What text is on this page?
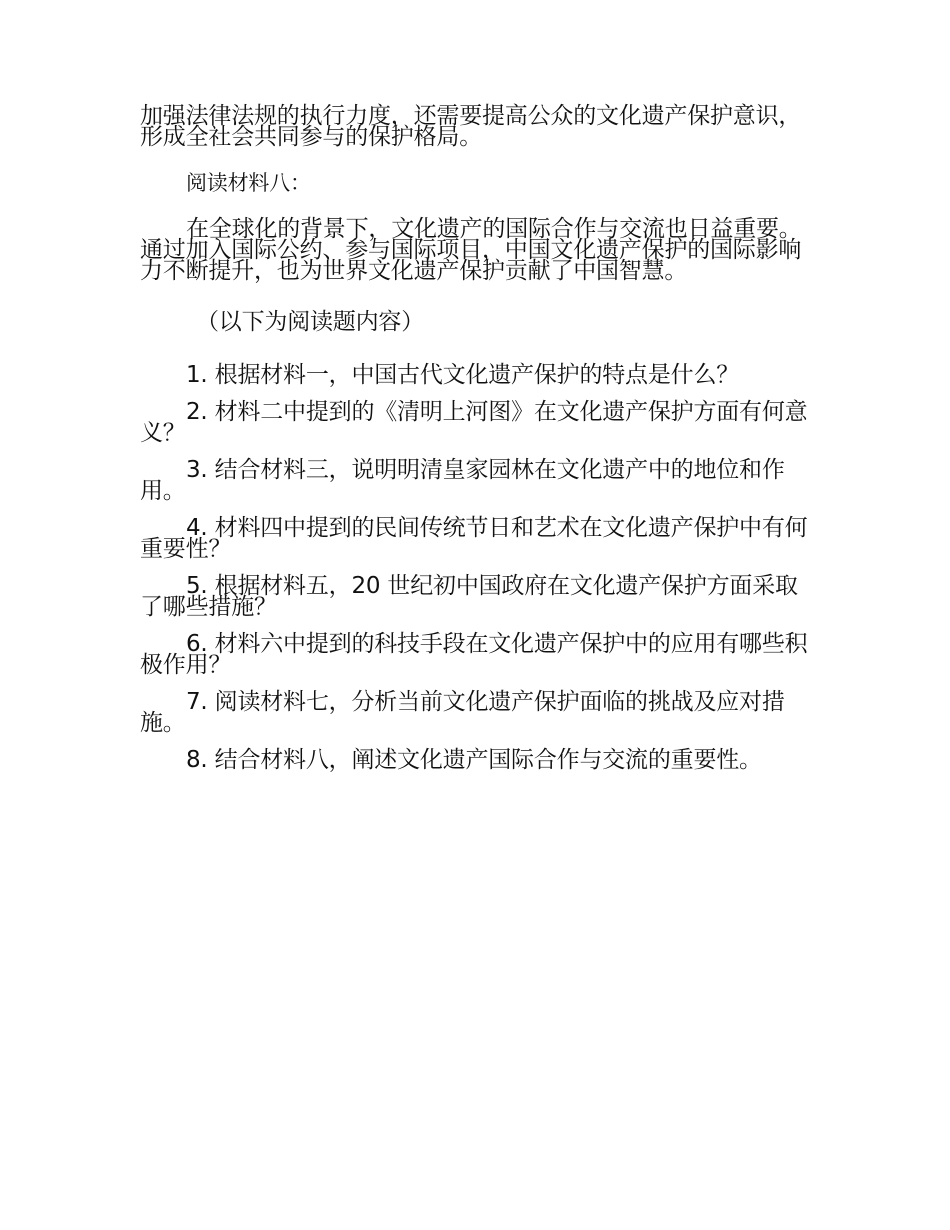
加强法律法规的执行力度，还需要提高公众的文化遗产保护意识，形成全社会共同参与的保护格局。

阅读材料八：

在全球化的背景下，文化遗产的国际合作与交流也日益重要。通过加入国际公约、参与国际项目，中国文化遗产保护的国际影响力不断提升，也为世界文化遗产保护贡献了中国智慧。

（以下为阅读题内容）

1. 根据材料一，中国古代文化遗产保护的特点是什么？

2. 材料二中提到的《清明上河图》在文化遗产保护方面有何意义？

3. 结合材料三，说明明清皇家园林在文化遗产中的地位和作用。

4. 材料四中提到的民间传统节日和艺术在文化遗产保护中有何重要性？

5. 根据材料五，20 世纪初中国政府在文化遗产保护方面采取了哪些措施？

6. 材料六中提到的科技手段在文化遗产保护中的应用有哪些积极作用？

7. 阅读材料七，分析当前文化遗产保护面临的挑战及应对措施。

8. 结合材料八，阐述文化遗产国际合作与交流的重要性。
